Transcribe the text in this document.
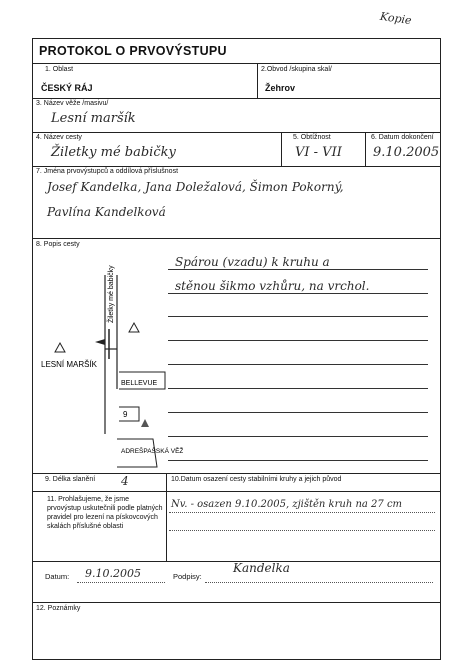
Kopie
PROTOKOL O PRVOVÝSTUPU
1. Oblast
ČESKÝ RÁJ
2.Obvod /skupina skal/
Žehrov
3. Název věže /masivu/
Lesní maršík
4. Název cesty
Žiletky mé babičky
5. Obtížnost
VI - VII
6. Datum dokončení
9.10.2005
7. Jména prvovýstupců a oddílová příslušnost
Josef Kandelka, Jana Doležalová, Šimon Pokorný,
Pavlína Kandelková
8. Popis cesty
Spárou (vzadu) k kruhu a
stěnou šikmo vzhůru, na vrchol.
BELLEVUE
LESNÍ MARŠÍK
9
ADREŠPAŠSKÁ VĚŽ
Žiletky mé babičky
9. Délka slanění 4	10.Datum osazení cesty stabilními kruhy a jejich původ
11. Prohlašujeme, že jsme prvovýstup uskutečnili podle platných pravidel pro lezení na pískovcových skalách příslušné oblasti
Nv. - osazen 9.10.2005, zjištěn kruh na 27 cm
Datum: 9.10.2005	Podpisy:
Kandelka
12. Poznámky
